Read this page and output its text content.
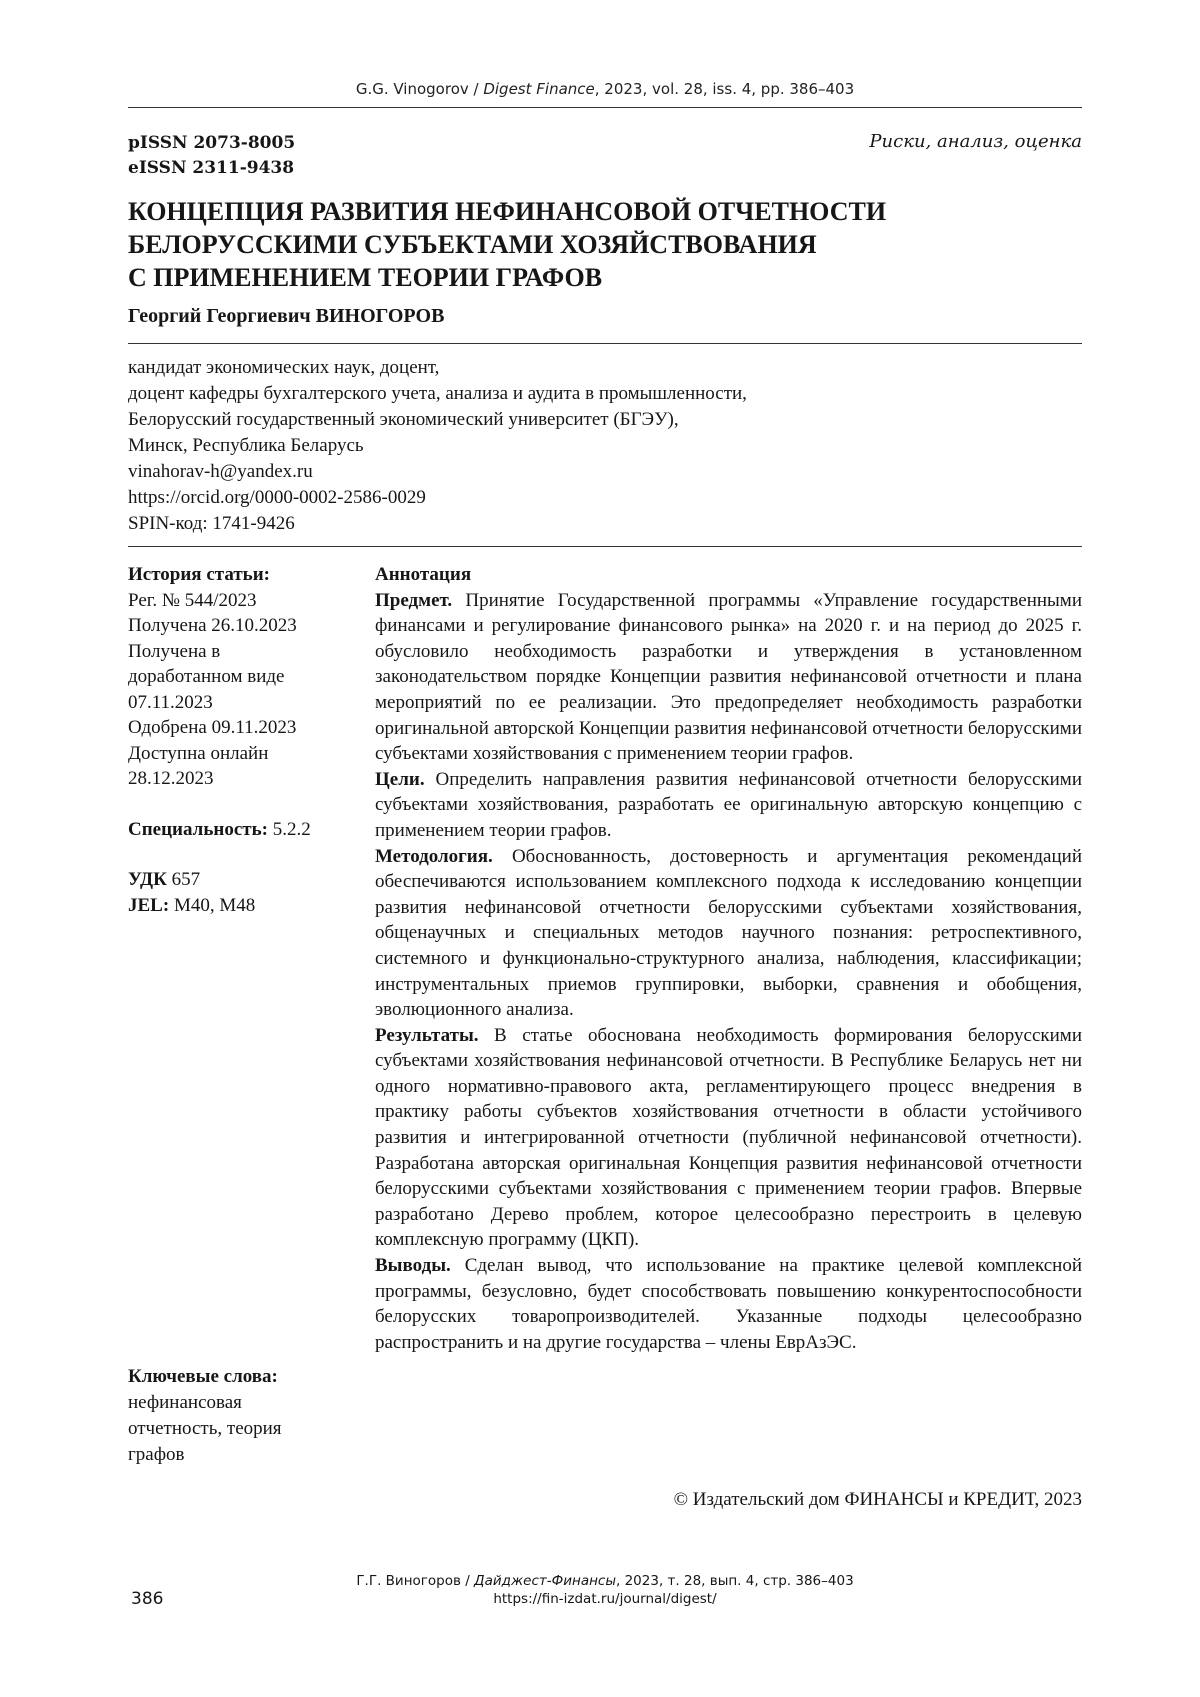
G.G. Vinogorov / Digest Finance, 2023, vol. 28, iss. 4, pp. 386–403
pISSN 2073-8005
eISSN 2311-9438
Риски, анализ, оценка
КОНЦЕПЦИЯ РАЗВИТИЯ НЕФИНАНСОВОЙ ОТЧЕТНОСТИ
БЕЛОРУССКИМИ СУБЪЕКТАМИ ХОЗЯЙСТВОВАНИЯ
С ПРИМЕНЕНИЕМ ТЕОРИИ ГРАФОВ
Георгий Георгиевич ВИНОГОРОВ
кандидат экономических наук, доцент,
доцент кафедры бухгалтерского учета, анализа и аудита в промышленности,
Белорусский государственный экономический университет (БГЭУ),
Минск, Республика Беларусь
vinahorav-h@yandex.ru
https://orcid.org/0000-0002-2586-0029
SPIN-код: 1741-9426
История статьи:
Рег. № 544/2023
Получена 26.10.2023
Получена в
доработанном виде
07.11.2023
Одобрена 09.11.2023
Доступна онлайн
28.12.2023
Специальность: 5.2.2
УДК 657
JEL: M40, M48
Ключевые слова:
нефинансовая
отчетность, теория
графов

Аннотация

Предмет. Принятие Государственной программы «Управление государственными финансами и регулирование финансового рынка» на 2020 г. и на период до 2025 г. обусловило необходимость разработки и утверждения в установленном законодательством порядке Концепции развития нефинансовой отчетности и плана мероприятий по ее реализации. Это предопределяет необходимость разработки оригинальной авторской Концепции развития нефинансовой отчетности белорусскими субъектами хозяйствования с применением теории графов.

Цели. Определить направления развития нефинансовой отчетности белорусскими субъектами хозяйствования, разработать ее оригинальную авторскую концепцию с применением теории графов.

Методология. Обоснованность, достоверность и аргументация рекомендаций обеспечиваются использованием комплексного подхода к исследованию концепции развития нефинансовой отчетности белорусскими субъектами хозяйствования, общенаучных и специальных методов научного познания: ретроспективного, системного и функционально-структурного анализа, наблюдения, классификации; инструментальных приемов группировки, выборки, сравнения и обобщения, эволюционного анализа.

Результаты. В статье обоснована необходимость формирования белорусскими субъектами хозяйствования нефинансовой отчетности. В Республике Беларусь нет ни одного нормативно-правового акта, регламентирующего процесс внедрения в практику работы субъектов хозяйствования отчетности в области устойчивого развития и интегрированной отчетности (публичной нефинансовой отчетности). Разработана авторская оригинальная Концепция развития нефинансовой отчетности белорусскими субъектами хозяйствования с применением теории графов. Впервые разработано Дерево проблем, которое целесообразно перестроить в целевую комплексную программу (ЦКП).

Выводы. Сделан вывод, что использование на практике целевой комплексной программы, безусловно, будет способствовать повышению конкурентоспособности белорусских товаропроизводителей. Указанные подходы целесообразно распространить и на другие государства – члены ЕврАзЭС.

© Издательский дом ФИНАНСЫ и КРЕДИТ, 2023
386
Г.Г. Виногоров / Дайджест-Финансы, 2023, т. 28, вып. 4, стр. 386–403
https://fin-izdat.ru/journal/digest/
